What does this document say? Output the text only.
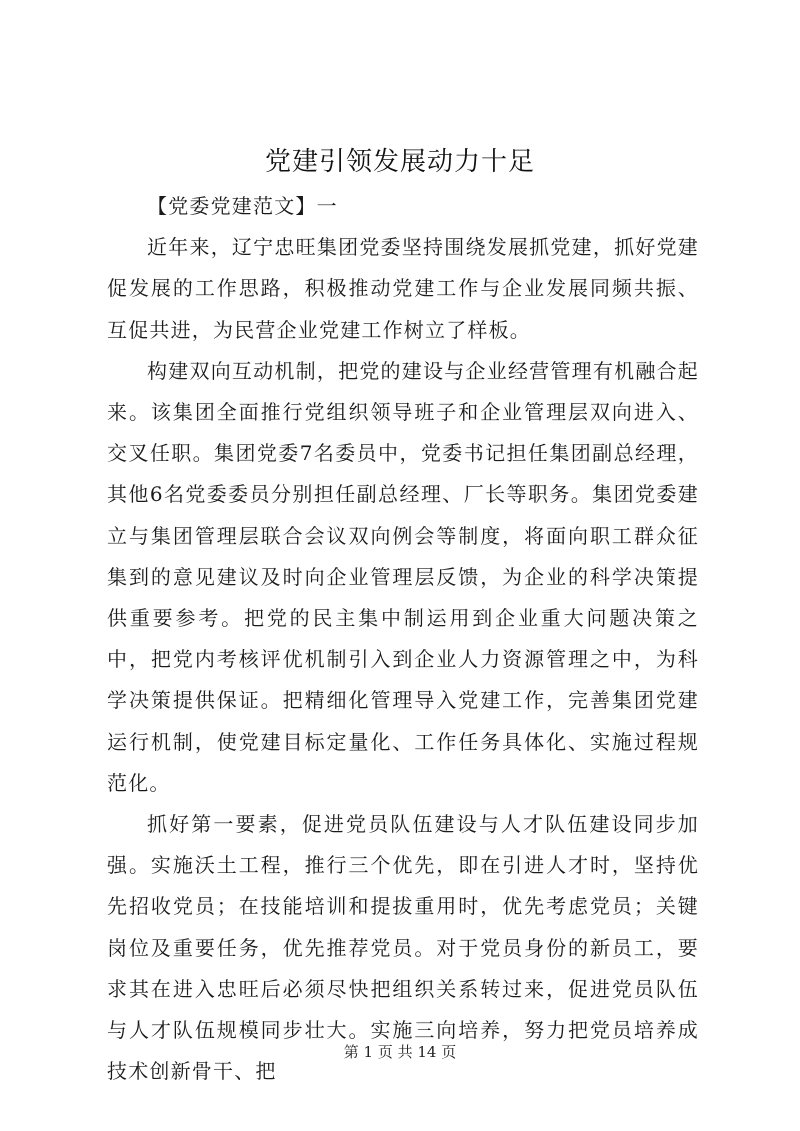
党建引领发展动力十足

【党委党建范文】一

近年来，辽宁忠旺集团党委坚持围绕发展抓党建，抓好党建促发展的工作思路，积极推动党建工作与企业发展同频共振、互促共进，为民营企业党建工作树立了样板。

构建双向互动机制，把党的建设与企业经营管理有机融合起来。该集团全面推行党组织领导班子和企业管理层双向进入、交叉任职。集团党委7名委员中，党委书记担任集团副总经理，其他6名党委委员分别担任副总经理、厂长等职务。集团党委建立与集团管理层联合会议双向例会等制度，将面向职工群众征集到的意见建议及时向企业管理层反馈，为企业的科学决策提供重要参考。把党的民主集中制运用到企业重大问题决策之中，把党内考核评优机制引入到企业人力资源管理之中，为科学决策提供保证。把精细化管理导入党建工作，完善集团党建运行机制，使党建目标定量化、工作任务具体化、实施过程规范化。

抓好第一要素，促进党员队伍建设与人才队伍建设同步加强。实施沃土工程，推行三个优先，即在引进人才时，坚持优先招收党员；在技能培训和提拔重用时，优先考虑党员；关键岗位及重要任务，优先推荐党员。对于党员身份的新员工，要求其在进入忠旺后必须尽快把组织关系转过来，促进党员队伍与人才队伍规模同步壮大。实施三向培养，努力把党员培养成技术创新骨干、把

第 1 页 共 14 页
